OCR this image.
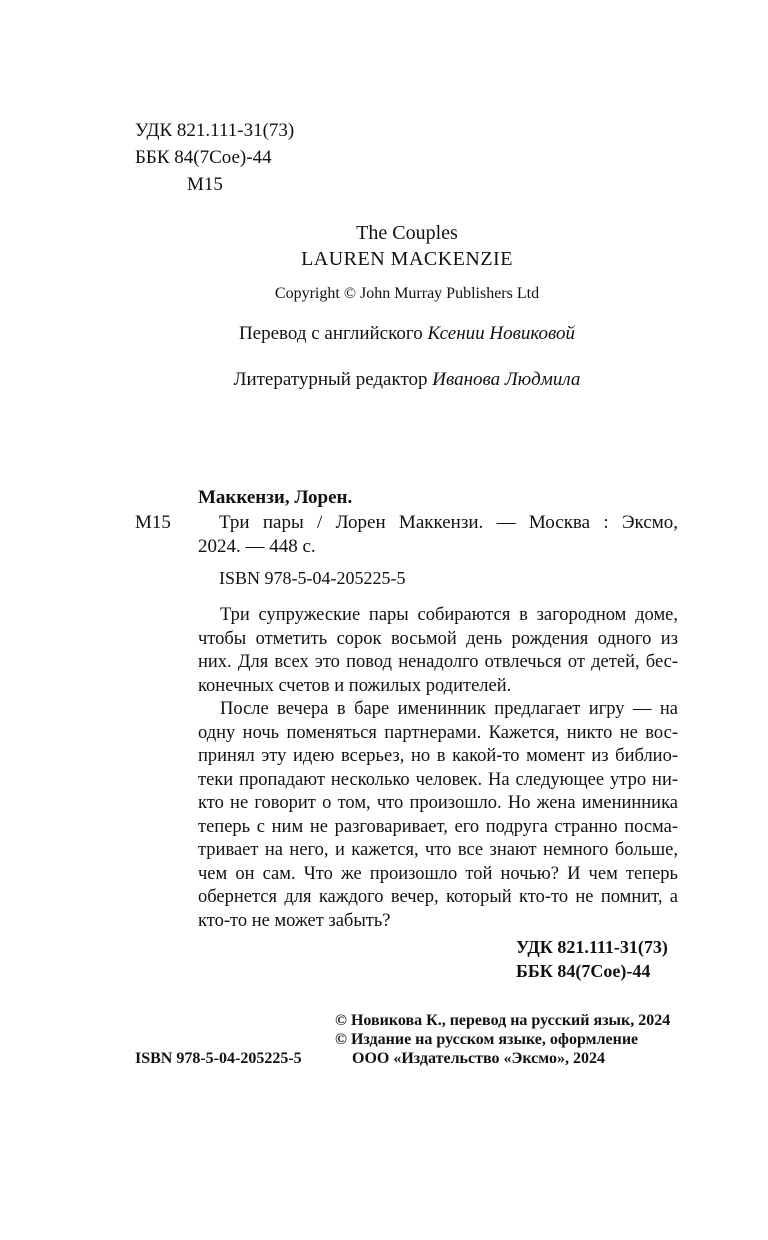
УДК 821.111-31(73)
ББК 84(7Сое)-44
М15
The Couples
LAUREN MACKENZIE
Copyright © John Murray Publishers Ltd
Перевод с английского Ксении Новиковой
Литературный редактор Иванова Людмила
Маккензи, Лорен.
М15	Три пары / Лорен Маккензи. — Москва : Эксмо,
2024. — 448 с.
ISBN 978-5-04-205225-5
Три супружеские пары собираются в загородном доме,
чтобы отметить сорок восьмой день рождения одного из
них. Для всех это повод ненадолго отвлечься от детей, бес-
конечных счетов и пожилых родителей.
После вечера в баре именинник предлагает игру — на
одну ночь поменяться партнерами. Кажется, никто не вос-
принял эту идею всерьез, но в какой-то момент из библио-
теки пропадают несколько человек. На следующее утро ни-
кто не говорит о том, что произошло. Но жена именинника
теперь с ним не разговаривает, его подруга странно посма-
тривает на него, и кажется, что все знают немного больше,
чем он сам. Что же произошло той ночью? И чем теперь
обернется для каждого вечер, который кто-то не помнит, а
кто-то не может забыть?
УДК 821.111-31(73)
ББК 84(7Сое)-44
© Новикова К., перевод на русский язык, 2024
© Издание на русском языке, оформление
ISBN 978-5-04-205225-5	ООО «Издательство «Эксмо», 2024
